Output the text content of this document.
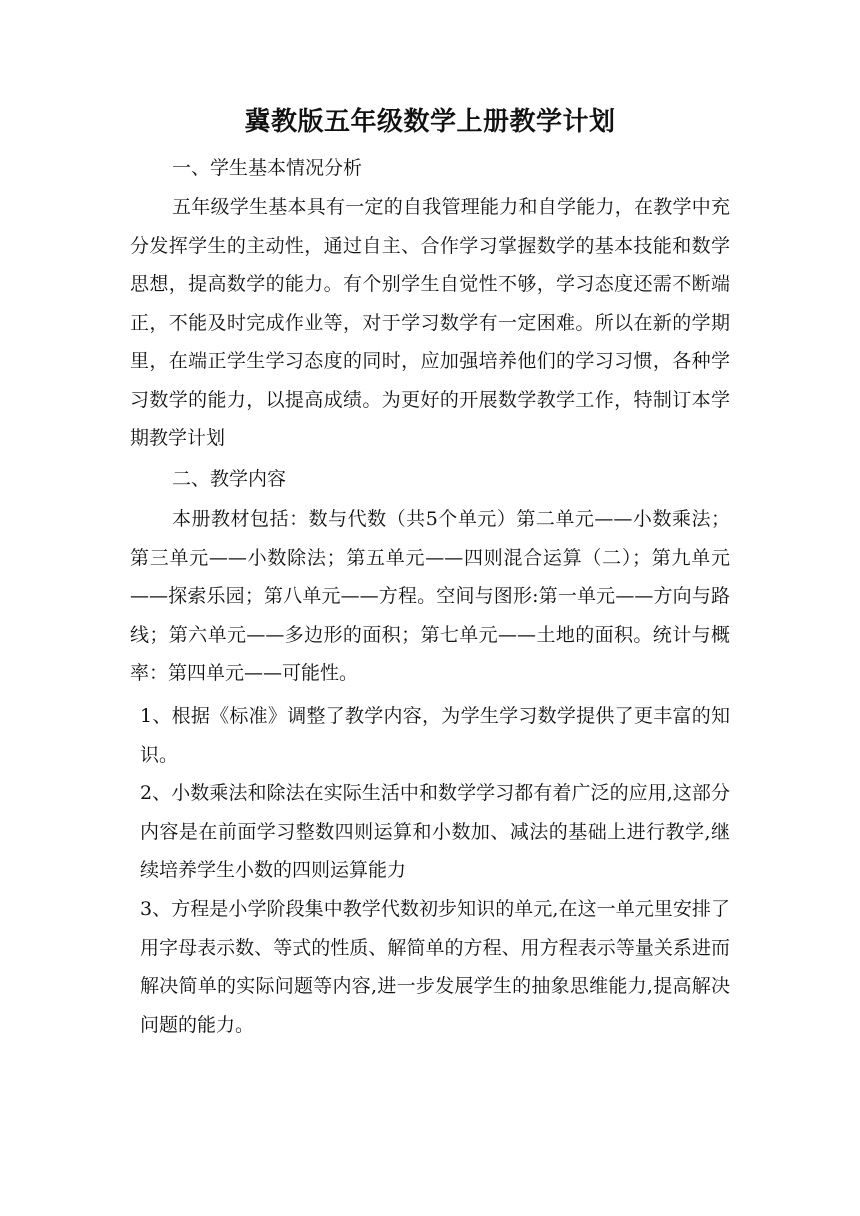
冀教版五年级数学上册教学计划

一、学生基本情况分析

五年级学生基本具有一定的自我管理能力和自学能力，在教学中充分发挥学生的主动性，通过自主、合作学习掌握数学的基本技能和数学思想，提高数学的能力。有个别学生自觉性不够，学习态度还需不断端正，不能及时完成作业等，对于学习数学有一定困难。所以在新的学期里，在端正学生学习态度的同时，应加强培养他们的学习习惯，各种学习数学的能力，以提高成绩。为更好的开展数学教学工作，特制订本学期教学计划

二、教学内容

本册教材包括：数与代数（共5个单元）第二单元——小数乘法；第三单元——小数除法；第五单元——四则混合运算（二）；第九单元——探索乐园；第八单元——方程。空间与图形:第一单元——方向与路线；第六单元——多边形的面积；第七单元——土地的面积。统计与概率：第四单元——可能性。

1、根据《标准》调整了教学内容，为学生学习数学提供了更丰富的知识。

2、小数乘法和除法在实际生活中和数学学习都有着广泛的应用,这部分内容是在前面学习整数四则运算和小数加、减法的基础上进行教学,继续培养学生小数的四则运算能力

3、方程是小学阶段集中教学代数初步知识的单元,在这一单元里安排了用字母表示数、等式的性质、解简单的方程、用方程表示等量关系进而解决简单的实际问题等内容,进一步发展学生的抽象思维能力,提高解决问题的能力。
